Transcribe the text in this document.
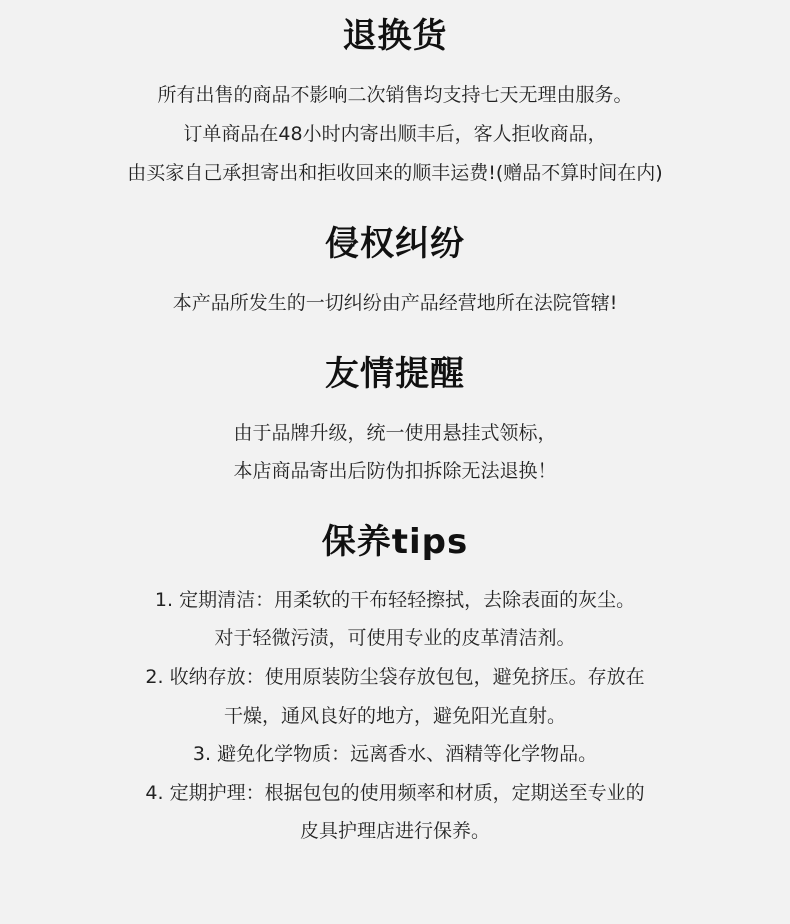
退换货

所有出售的商品不影响二次销售均支持七天无理由服务。

订单商品在48小时内寄出顺丰后，客人拒收商品，

由买家自己承担寄出和拒收回来的顺丰运费!(赠品不算时间在内)

侵权纠纷

本产品所发生的一切纠纷由产品经营地所在法院管辖!

友情提醒

由于品牌升级，统一使用悬挂式领标，

本店商品寄出后防伪扣拆除无法退换！

保养tips

1. 定期清洁：用柔软的干布轻轻擦拭，去除表面的灰尘。

对于轻微污渍，可使用专业的皮革清洁剂。

2. 收纳存放：使用原装防尘袋存放包包，避免挤压。存放在

干燥，通风良好的地方，避免阳光直射。

3. 避免化学物质：远离香水、酒精等化学物品。

4. 定期护理：根据包包的使用频率和材质，定期送至专业的

皮具护理店进行保养。
